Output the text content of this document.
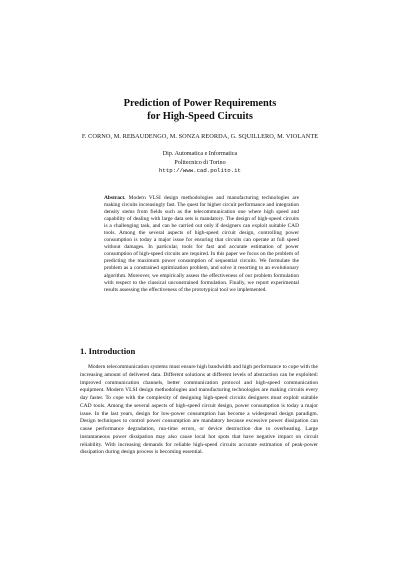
Prediction of Power Requirements
for High-Speed Circuits
F. CORNO, M. REBAUDENGO, M. SONZA REORDA, G. SQUILLERO, M. VIOLANTE
Dip. Automatica e Informatica
Politecnico di Torino
http://www.cad.polito.it
Abstract. Modern VLSI design methodologies and manufacturing technologies are making circuits increasingly fast. The quest for higher circuit performance and integration density stems from fields such as the telecommunication one where high speed and capability of dealing with large data sets is mandatory. The design of high-speed circuits is a challenging task, and can be carried out only if designers can exploit suitable CAD tools. Among the several aspects of high-speed circuit design, controlling power consumption is today a major issue for ensuring that circuits can operate at full speed without damages. In particular, tools for fast and accurate estimation of power consumption of high-speed circuits are required. In this paper we focus on the problem of predicting the maximum power consumption of sequential circuits. We formulate the problem as a constrained optimization problem, and solve it resorting to an evolutionary algorithm. Moreover, we empirically assess the effectiveness of our problem formulation with respect to the classical unconstrained formulation. Finally, we report experimental results assessing the effectiveness of the prototypical tool we implemented.
1. Introduction

Modern telecommunication systems must ensure high bandwidth and high performance to cope with the increasing amount of delivered data. Different solutions at different levels of abstraction can be exploited: improved communication channels, better communication protocol and high-speed communication equipment. Modern VLSI design methodologies and manufacturing technologies are making circuits every day faster. To cope with the complexity of designing high-speed circuits designers must exploit suitable CAD tools. Among the several aspects of high-speed circuit design, power consumption is today a major issue. In the last years, design for low-power consumption has become a widespread design paradigm. Design techniques to control power consumption are mandatory because excessive power dissipation can cause performance degradation, run-time errors, or device destruction due to overheating. Large instantaneous power dissipation may also cause local hot spots that have negative impact on circuit reliability. With increasing demands for reliable high-speed circuits accurate estimation of peak-power dissipation during design process is becoming essential.
